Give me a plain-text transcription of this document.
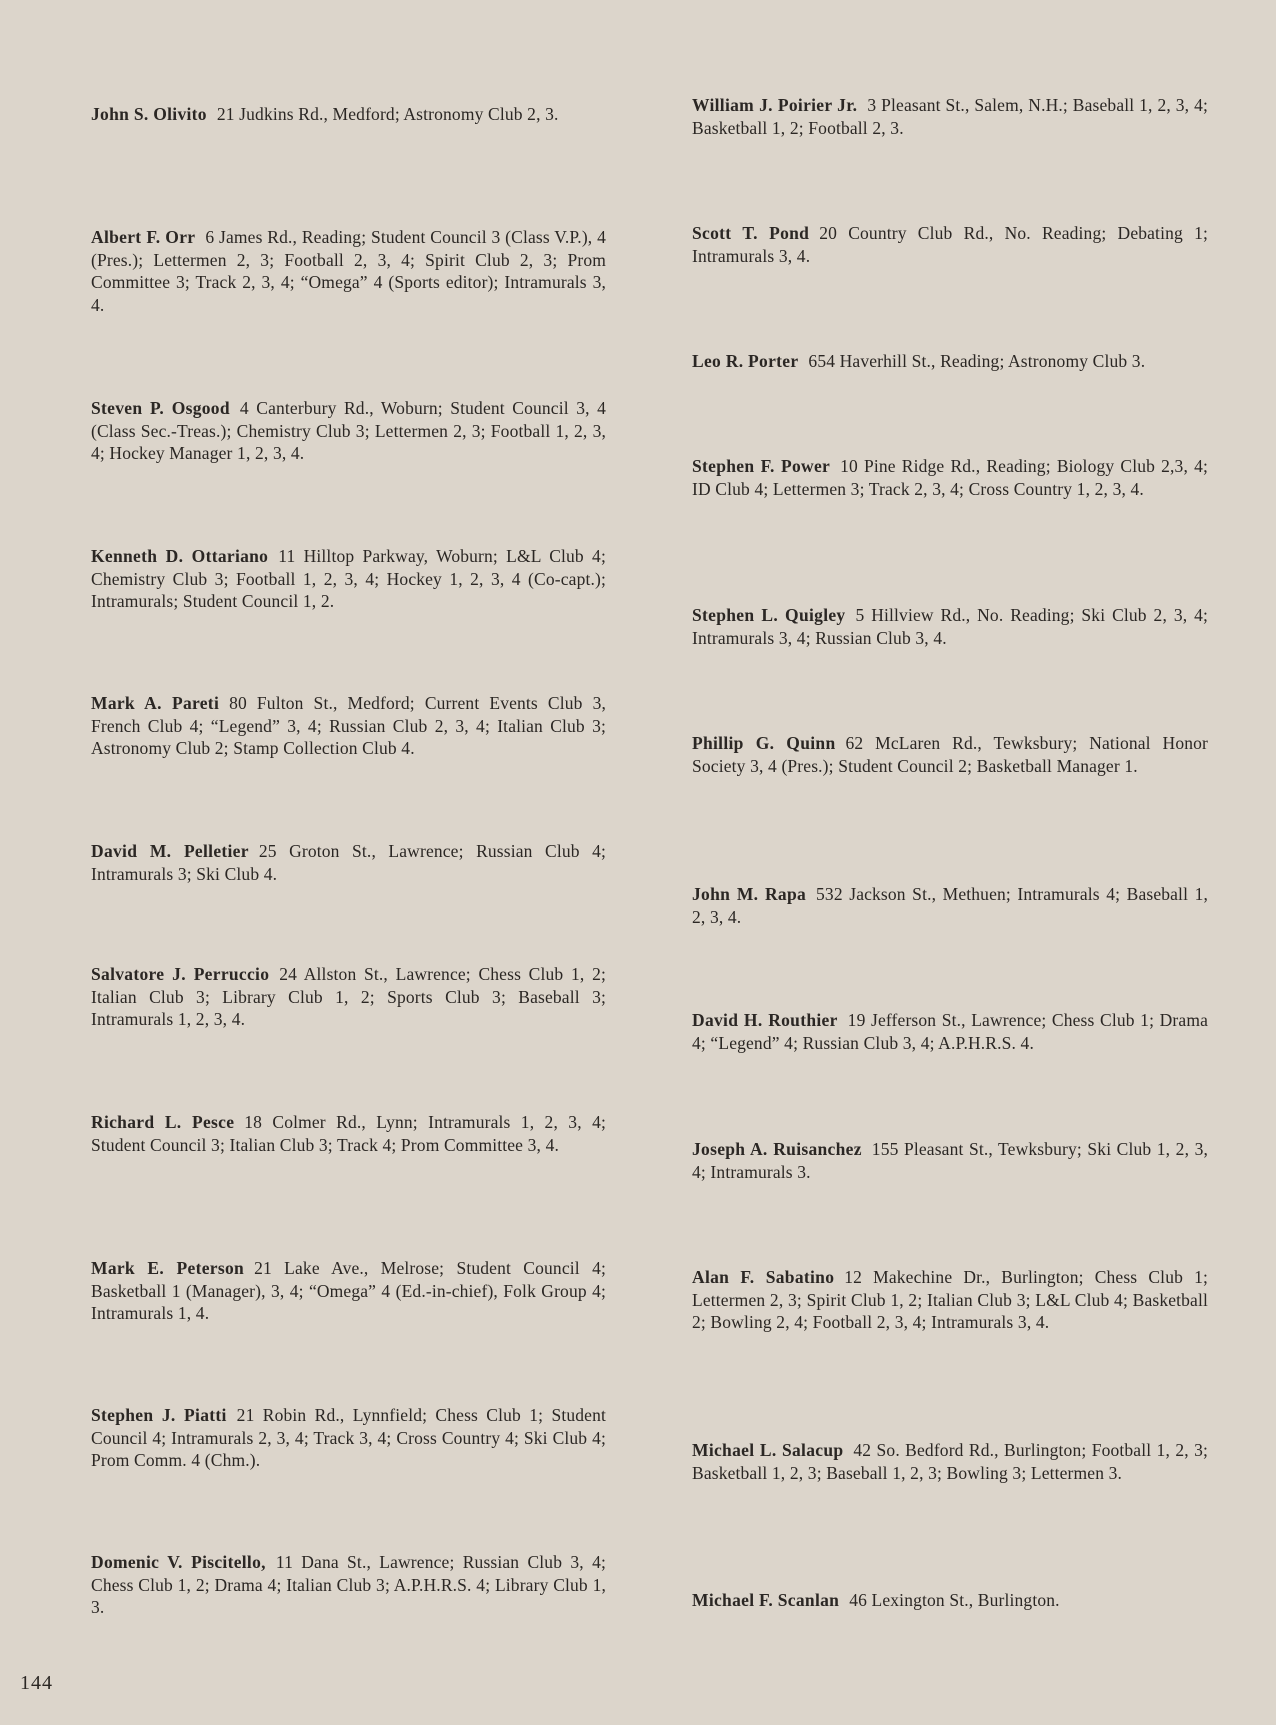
John S. Olivito 21 Judkins Rd., Medford; Astronomy Club 2, 3.
Albert F. Orr 6 James Rd., Reading; Student Council 3 (Class V.P.), 4 (Pres.); Lettermen 2, 3; Football 2, 3, 4; Spirit Club 2, 3; Prom Committee 3; Track 2, 3, 4; “Omega” 4 (Sports editor); Intramurals 3, 4.
Steven P. Osgood 4 Canterbury Rd., Woburn; Student Council 3, 4 (Class Sec.-Treas.); Chemistry Club 3; Lettermen 2, 3; Football 1, 2, 3, 4; Hockey Manager 1, 2, 3, 4.
Kenneth D. Ottariano 11 Hilltop Parkway, Woburn; L&L Club 4; Chemistry Club 3; Football 1, 2, 3, 4; Hockey 1, 2, 3, 4 (Co-capt.); Intramurals; Student Council 1, 2.
Mark A. Pareti 80 Fulton St., Medford; Current Events Club 3, French Club 4; “Legend” 3, 4; Russian Club 2, 3, 4; Italian Club 3; Astronomy Club 2; Stamp Collection Club 4.
David M. Pelletier 25 Groton St., Lawrence; Russian Club 4; Intramurals 3; Ski Club 4.
Salvatore J. Perruccio 24 Allston St., Lawrence; Chess Club 1, 2; Italian Club 3; Library Club 1, 2; Sports Club 3; Baseball 3; Intramurals 1, 2, 3, 4.
Richard L. Pesce 18 Colmer Rd., Lynn; Intramurals 1, 2, 3, 4; Student Council 3; Italian Club 3; Track 4; Prom Committee 3, 4.
Mark E. Peterson 21 Lake Ave., Melrose; Student Council 4; Basketball 1 (Manager), 3, 4; “Omega” 4 (Ed.-in-chief), Folk Group 4; Intramurals 1, 4.
Stephen J. Piatti 21 Robin Rd., Lynnfield; Chess Club 1; Student Council 4; Intramurals 2, 3, 4; Track 3, 4; Cross Country 4; Ski Club 4; Prom Comm. 4 (Chm.).
Domenic V. Piscitello, 11 Dana St., Lawrence; Russian Club 3, 4; Chess Club 1, 2; Drama 4; Italian Club 3; A.P.H.R.S. 4; Library Club 1, 3.
William J. Poirier Jr. 3 Pleasant St., Salem, N.H.; Baseball 1, 2, 3, 4; Basketball 1, 2; Football 2, 3.
Scott T. Pond 20 Country Club Rd., No. Reading; Debating 1; Intramurals 3, 4.
Leo R. Porter 654 Haverhill St., Reading; Astronomy Club 3.
Stephen F. Power 10 Pine Ridge Rd., Reading; Biology Club 2,3, 4; ID Club 4; Lettermen 3; Track 2, 3, 4; Cross Country 1, 2, 3, 4.
Stephen L. Quigley 5 Hillview Rd., No. Reading; Ski Club 2, 3, 4; Intramurals 3, 4; Russian Club 3, 4.
Phillip G. Quinn 62 McLaren Rd., Tewksbury; National Honor Society 3, 4 (Pres.); Student Council 2; Basketball Manager 1.
John M. Rapa 532 Jackson St., Methuen; Intramurals 4; Baseball 1, 2, 3, 4.
David H. Routhier 19 Jefferson St., Lawrence; Chess Club 1; Drama 4; “Legend” 4; Russian Club 3, 4; A.P.H.R.S. 4.
Joseph A. Ruisanchez 155 Pleasant St., Tewksbury; Ski Club 1, 2, 3, 4; Intramurals 3.
Alan F. Sabatino 12 Makechine Dr., Burlington; Chess Club 1; Lettermen 2, 3; Spirit Club 1, 2; Italian Club 3; L&L Club 4; Basketball 2; Bowling 2, 4; Football 2, 3, 4; Intramurals 3, 4.
Michael L. Salacup 42 So. Bedford Rd., Burlington; Football 1, 2, 3; Basketball 1, 2, 3; Baseball 1, 2, 3; Bowling 3; Lettermen 3.
Michael F. Scanlan 46 Lexington St., Burlington.
144
